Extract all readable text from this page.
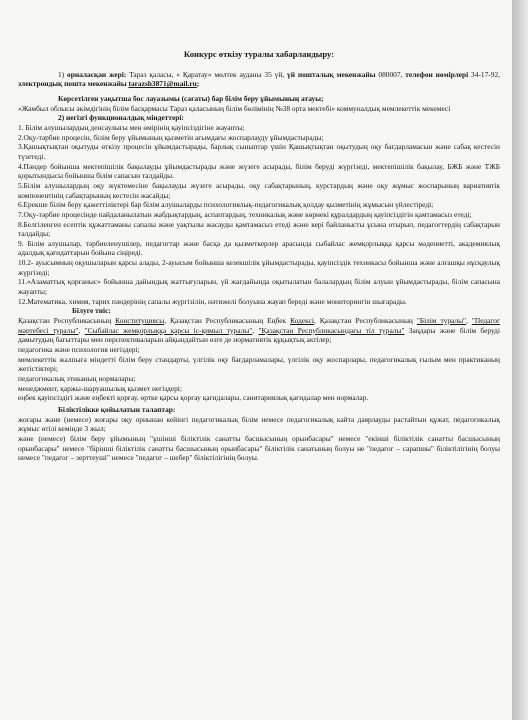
Конкурс өткізу туралы хабарландыру:

1) орналасқан жері: Тараз қаласы, « Қаратау» мөлтек ауданы 35 үй, үй пошталық мекенжайы 080007, телефон нөмірлері 34-17-92, электрондық пошта мекенжайы tarazsh3871@mail.ru;

Көрсетілген уақытша бос лауазымы (сағаты) бар білім беру ұйымының атауы;

«Жамбыл облысы әкімдігінің білім басқармасы Тараз қаласының білім бөлімінің №38 орта мектебі» коммуналдық мемлекеттік мекемесі

2) негізгі функционалдық міндеттері:

1. Білім алушылардың денсаулығы мен өмірінің қауіпсіздігіне жауапты;

2.Оқу-тәрбие процесін, білім беру ұйымының қызметін ағымдағы жоспарлауду ұйымдастырады;

3.Қашықтықтан оқытуды өткізу процесін ұйымдастырады, барлық сыныптар үшін Қашықтықтан оқытудың оқу бағдарламасын және сабақ кестесін түзетеді.

4.Пәндер бойынша мектепішілік бақылауды ұйымдастырады және жүзеге асырады, білім беруді жүргізеді, мектепішілік бақылау, БЖБ және ТЖБ қорытындысы бойынша білім сапасын талдайды.

5.Білім алушылардың оқу жүктемесіне бақылауды жүзеге асырады, оқу сабақтарының, курстардың және оқу жұмыс жоспарының вариативтік компонентінің сабақтарының кестесін жасайды;

6.Ерекше білім беру қажеттіліктері бар білім алушыларды психологиялық-педагогикалық қолдау қызметінің жұмысын үйлестіреді;

7.Оқу-тәрбие процесінде пайдаланылатын жабдықтардың, аспаптардың, техникалық және көрнекі құралдардың қауіпсіздігін қамтамасыз етеді;

8.Белгіленген есептік құжаттаманы сапалы және уақтылы жасауды қамтамасыз етеді және кері байланысты ұсына отырып, педагогтердің сабақтарын талдайды;

9. Білім алушылар, тәрбиеленушілер, педагогтар және басқа да қызметкерлер арасында сыбайлас жемқорлыққа қарсы мәдениетті, академиялық адалдық қағидаттарын бойына сіңіреді.

10.2- ауысымның оқушыларын қарсы алады, 2-ауысым бойынша кезекшілік ұйымдастырады, қауіпсіздік техникасы бойынша және алғашқы нұсқаулық жүргізеді;

11.«Азаматтық қорғаныс» бойынша дайындық жаттығуларын, үй жағдайында оқытылатын балалардың білім алуын ұйымдастырады, білім сапасына жауапты;

12.Математика, химия, тарих пәндерінің сапалы жүргізілін, нәтижелі болуына жауап береді және мониторингін шығарады.

Білуге тиіс:

Қазақстан Республикасының Конституциясы, Қазақстан Республикасының Еңбек Кодексі, Қазақстан Республикасының "Білім туралы", "Педагог мәртебесі туралы", "Сыбайлас жемқорлыққа қарсы іс-қимыл туралы", "Қазақстан Республикасындағы тіл туралы" Заңдары және білім беруді дамытудың бағыттары мен перспективаларын айқындайтын өзге де нормативтік құқықтық актілер;

педагогика және психология негіздері;

мемлекеттік жалпыға міндетті білім беру стандарты, үлгілік оқу бағдарламалары, үлгілік оқу жоспарлары, педагогикалық ғылым мен практиканың жетістіктері;

педагогикалық этиканың нормалары;

менеджмент, қаржы-шаруашылық қызмет негіздері;

еңбек қауіпсіздігі және еңбекті қорғау, өртке қарсы қорғау қағидалары, санитариялық қағидалар мен нормалар.

Біліктілікке қойылатын талаптар:

жоғары және (немесе) жоғары оқу орнынан кейінгі педагогикалық білім немесе педагогикалық кайта даярлауды растайтын құжат, педагогикалық жұмыс өтілі кемінде 3 жыл;

және (немесе) білім беру ұйымының "ұшінші біліктілік санатты басшысының орынбасары" немесе "екінші біліктілік санатты басшысының орынбасары" немесе "бірінші біліктілік санатты басшысының орынбасары" біліктілік санатының болуы не "педагог – сарапшы" біліктілігінің болуы немесе "педагог – зерттеуші" немесе "педагог – шебер" біліктілігінің болуы.
